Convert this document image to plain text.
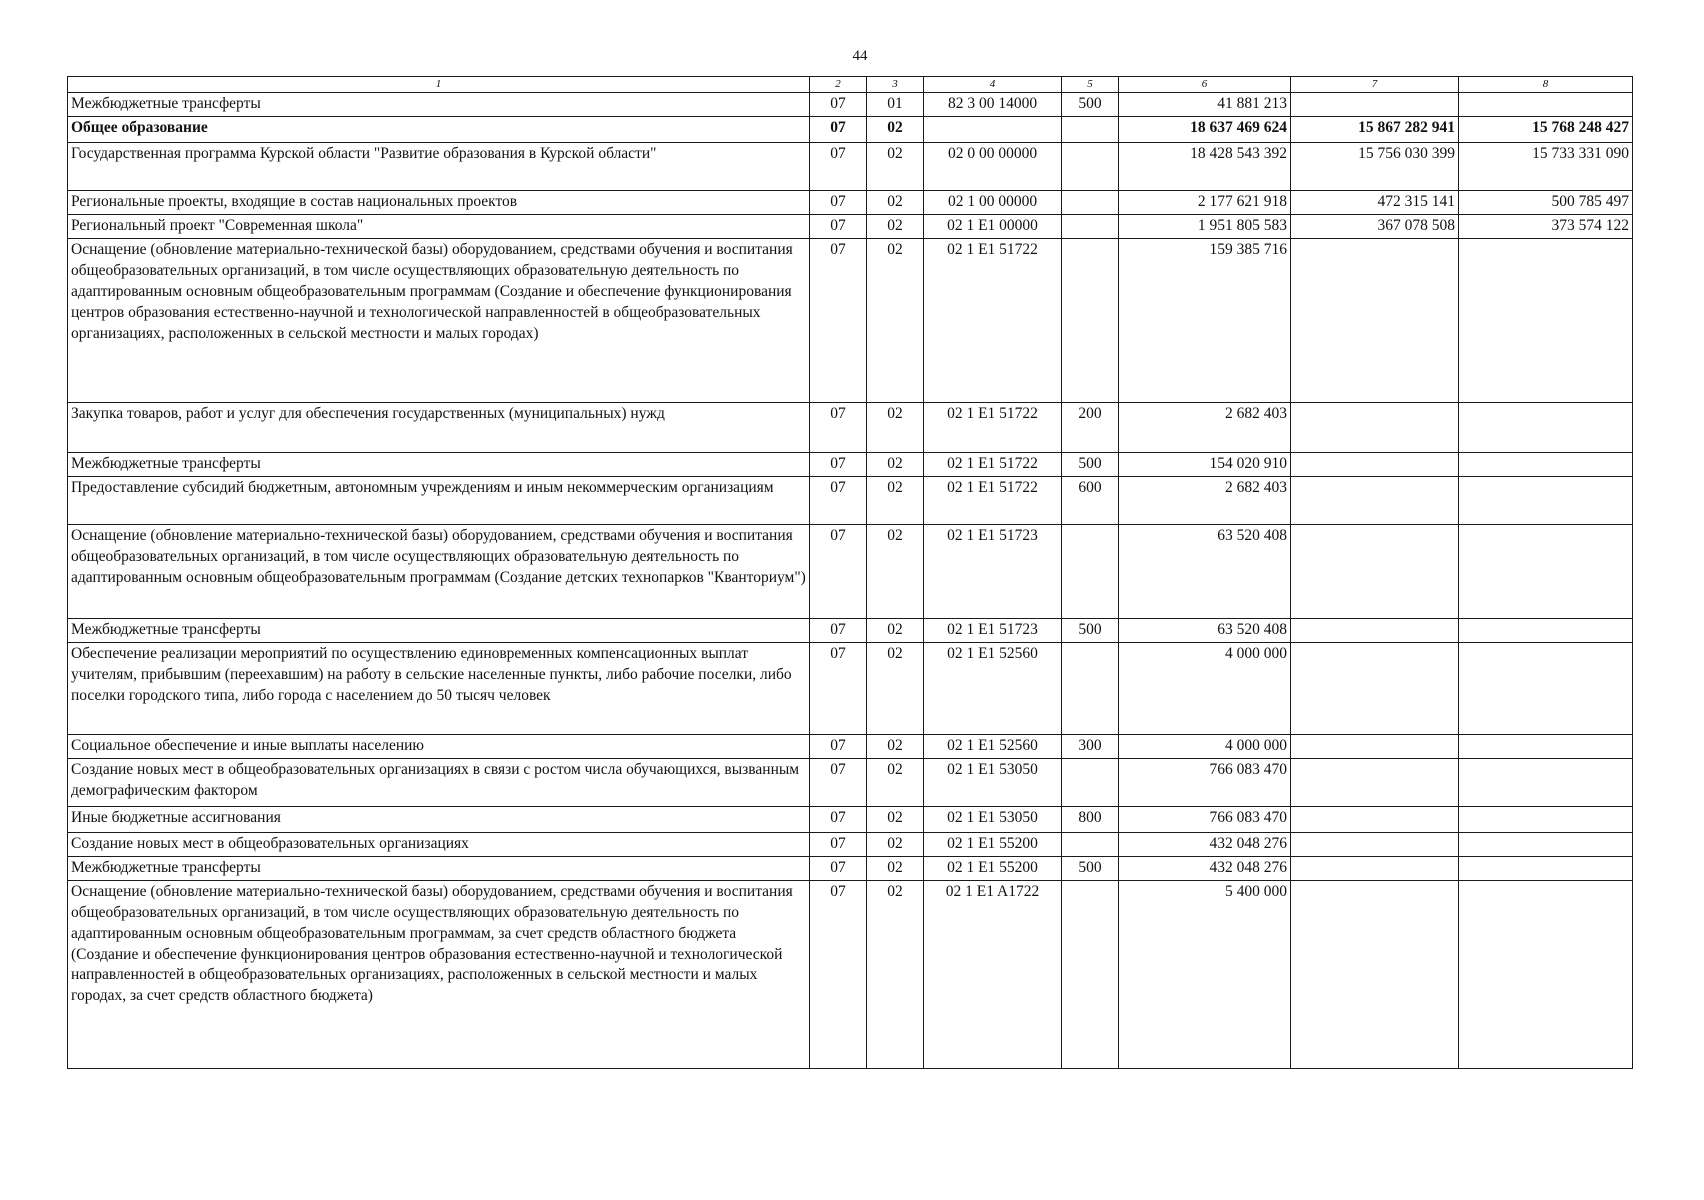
44
1	2	3	4	5	6	7	8
Межбюджетные трансферты	07	01	82 3 00 14000	500	41 881 213		
Общее образование	07	02			18 637 469 624	15 867 282 941	15 768 248 427
Государственная программа Курской области "Развитие образования в Курской области"	07	02	02 0 00 00000		18 428 543 392	15 756 030 399	15 733 331 090
Региональные проекты, входящие в состав национальных проектов	07	02	02 1 00 00000		2 177 621 918	472 315 141	500 785 497
Региональный проект "Современная школа"	07	02	02 1 E1 00000		1 951 805 583	367 078 508	373 574 122
Оснащение (обновление материально-технической базы) оборудованием, средствами обучения и воспитания общеобразовательных организаций, в том числе осуществляющих образовательную деятельность по адаптированным основным общеобразовательным программам (Создание и обеспечение функционирования центров образования естественно-научной и технологической направленностей в общеобразовательных организациях, расположенных в сельской местности и малых городах)	07	02	02 1 E1 51722		159 385 716		
Закупка товаров, работ и услуг для обеспечения государственных (муниципальных) нужд	07	02	02 1 E1 51722	200	2 682 403		
Межбюджетные трансферты	07	02	02 1 E1 51722	500	154 020 910		
Предоставление субсидий бюджетным, автономным учреждениям и иным некоммерческим организациям	07	02	02 1 E1 51722	600	2 682 403		
Оснащение (обновление материально-технической базы) оборудованием, средствами обучения и воспитания общеобразовательных организаций, в том числе осуществляющих образовательную деятельность по адаптированным основным общеобразовательным программам (Создание детских технопарков "Кванториум")	07	02	02 1 E1 51723		63 520 408		
Межбюджетные трансферты	07	02	02 1 E1 51723	500	63 520 408		
Обеспечение реализации мероприятий по осуществлению единовременных компенсационных выплат учителям, прибывшим (переехавшим) на работу в сельские населенные пункты, либо рабочие поселки, либо поселки городского типа, либо города с населением до 50 тысяч человек	07	02	02 1 E1 52560		4 000 000		
Социальное обеспечение и иные выплаты населению	07	02	02 1 E1 52560	300	4 000 000		
Создание новых мест в общеобразовательных организациях в связи с ростом числа обучающихся, вызванным демографическим фактором	07	02	02 1 E1 53050		766 083 470		
Иные бюджетные ассигнования	07	02	02 1 E1 53050	800	766 083 470		
Создание новых мест в общеобразовательных организациях	07	02	02 1 E1 55200		432 048 276		
Межбюджетные трансферты	07	02	02 1 E1 55200	500	432 048 276		
Оснащение (обновление материально-технической базы) оборудованием, средствами обучения и воспитания общеобразовательных организаций, в том числе осуществляющих образовательную деятельность по адаптированным основным общеобразовательным программам, за счет средств областного бюджета (Создание и обеспечение функционирования центров образования естественно-научной и технологической направленностей в общеобразовательных организациях, расположенных в сельской местности и малых городах, за счет средств областного бюджета)	07	02	02 1 E1 A1722		5 400 000		
